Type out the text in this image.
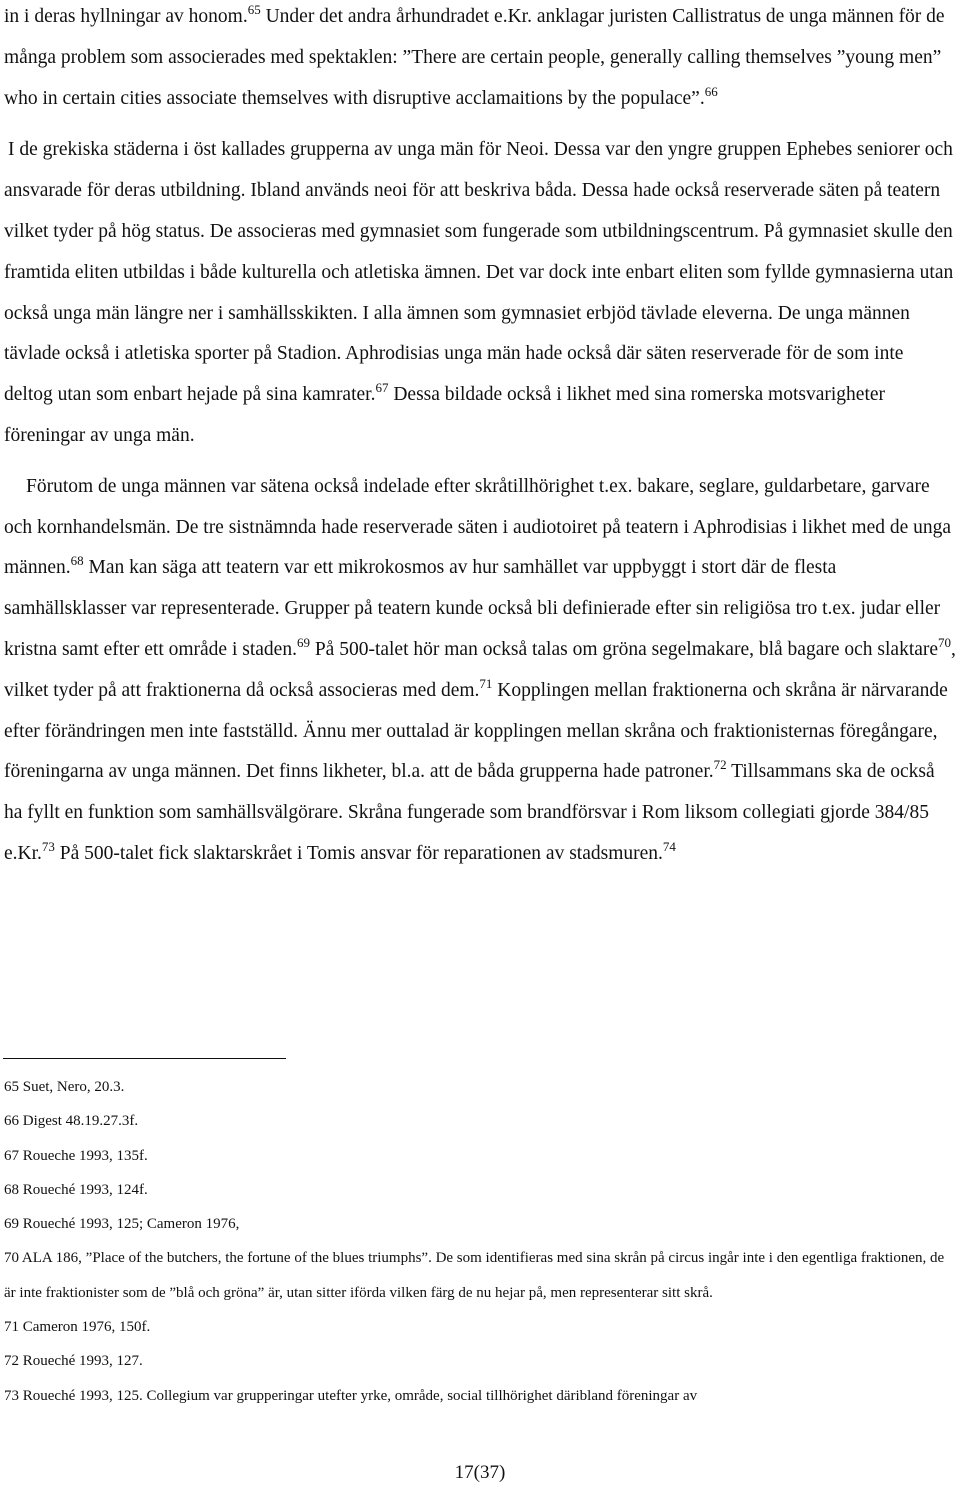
in i deras hyllningar av honom.$^{65}$ Under det andra århundradet e.Kr. anklagar juristen Callistratus de unga männen för de många problem som associerades med spektaklen: ”There are certain people, generally calling themselves ”young men” who in certain cities associate themselves with disruptive acclamaitions by the populace”.$^{66}$

I de grekiska städerna i öst kallades grupperna av unga män för Neoi. Dessa var den yngre gruppen Ephebes seniorer och ansvarade för deras utbildning. Ibland används neoi för att beskriva båda. Dessa hade också reserverade säten på teatern vilket tyder på hög status. De associeras med gymnasiet som fungerade som utbildningscentrum. På gymnasiet skulle den framtida eliten utbildas i både kulturella och atletiska ämnen. Det var dock inte enbart eliten som fyllde gymnasierna utan också unga män längre ner i samhällsskikten. I alla ämnen som gymnasiet erbjöd tävlade eleverna. De unga männen tävlade också i atletiska sporter på Stadion. Aphrodisias unga män hade också där säten reserverade för de som inte deltog utan som enbart hejade på sina kamrater.$^{67}$ Dessa bildade också i likhet med sina romerska motsvarigheter föreningar av unga män.

Förutom de unga männen var sätena också indelade efter skråtillhörighet t.ex. bakare, seglare, guldarbetare, garvare och kornhandelsmän. De tre sistnämnda hade reserverade säten i audiotoiret på teatern i Aphrodisias i likhet med de unga männen.$^{68}$ Man kan säga att teatern var ett mikrokosmos av hur samhället var uppbyggt i stort där de flesta samhällsklasser var representerade. Grupper på teatern kunde också bli definierade efter sin religiösa tro t.ex. judar eller kristna samt efter ett område i staden.$^{69}$ På 500-talet hör man också talas om gröna segelmakare, blå bagare och slaktare$^{70}$, vilket tyder på att fraktionerna då också associeras med dem.$^{71}$ Kopplingen mellan fraktionerna och skråna är närvarande efter förändringen men inte fastställd. Ännu mer outtalad är kopplingen mellan skråna och fraktionisternas föregångare, föreningarna av unga männen. Det finns likheter, bl.a. att de båda grupperna hade patroner.$^{72}$ Tillsammans ska de också ha fyllt en funktion som samhällsvälgörare. Skråna fungerade som brandförsvar i Rom liksom collegiati gjorde 384/85 e.Kr.$^{73}$ På 500-talet fick slaktarskrået i Tomis ansvar för reparationen av stadsmuren.$^{74}$

65 Suet, Nero, 20.3.

66 Digest 48.19.27.3f.

67 Roueche 1993, 135f.

68 Roueché 1993, 124f.

69 Roueché 1993, 125; Cameron 1976,

70 ALA 186, ”Place of the butchers, the fortune of the blues triumphs”. De som identifieras med sina skrån på circus ingår inte i den egentliga fraktionen, de är inte fraktionister som de ”blå och gröna” är, utan sitter iförda vilken färg de nu hejar på, men representerar sitt skrå.

71 Cameron 1976, 150f.

72 Roueché 1993, 127.

73 Roueché 1993, 125. Collegium var grupperingar utefter yrke, område, social tillhörighet däribland föreningar av

17(37)
